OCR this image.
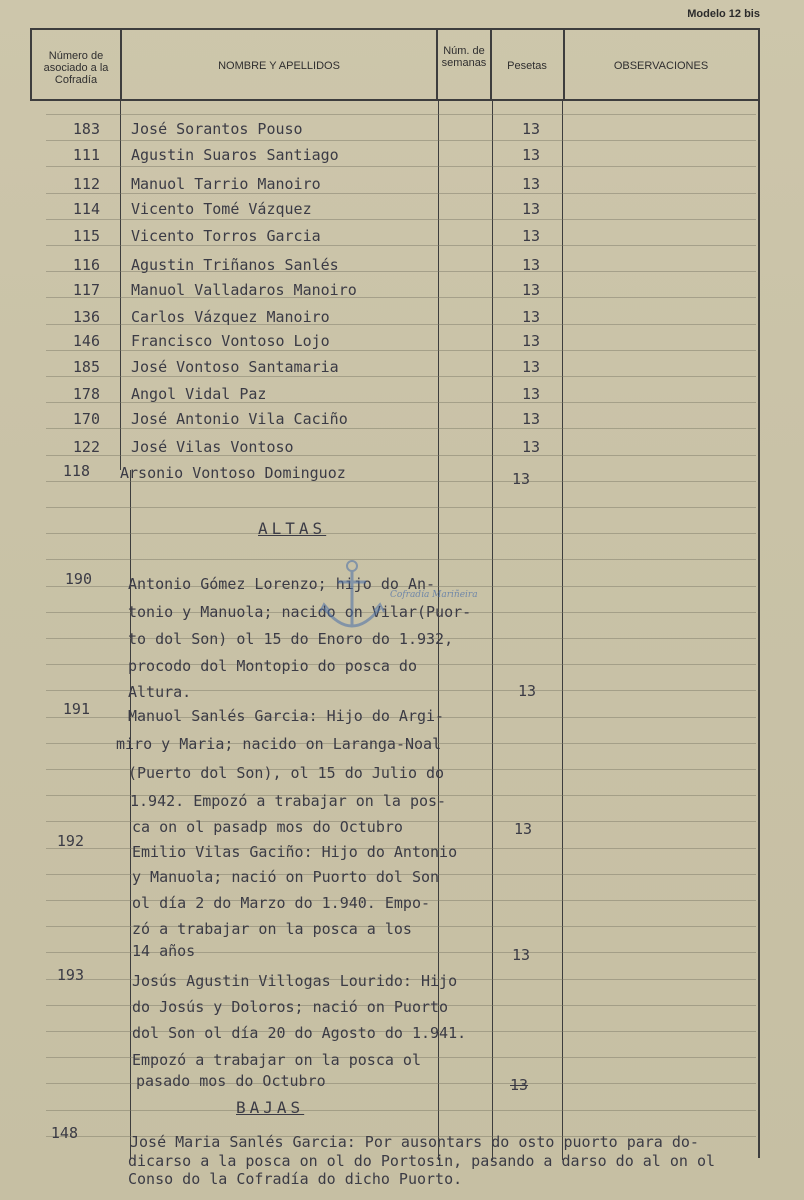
Modelo 12 bis
Número de asociado a la Cofradía
NOMBRE Y APELLIDOS
Núm. de semanas	Pesetas	OBSERVACIONES
183 José Sorantos Pouso	13
111 Agustin Suaros Santiago	13
112 Manuol Tarrio Manoiro	13
114 Vicento Tomé Vázquez	13
115 Vicento Torros Garcia	13
116 Agustin Triñanos Sanlés	13
117 Manuol Valladaros Manoiro	13
136 Carlos Vázquez Manoiro	13
146 Francisco Vontoso Lojo	13
185 José Vontoso Santamaria	13
178 Angol Vidal Paz	13
170 José Antonio Vila Caciño	13
122 José Vilas Vontoso	13
118 Arsonio Vontoso Dominguoz	13
ALTAS
190 Antonio Gómez Lorenzo; hijo do An-
tonio y Manuola; nacido on Vilar(Puor-
to dol Son) ol 15 do Enoro do 1.932,
procodo dol Montopio do posca do
Altura.	13
191	Manuol Sanlés Garcia: Hijo do Argi-
miro y Maria; nacido on Laranga-Noal
(Puerto dol Son), ol 15 do Julio do
1.942. Empozó a trabajar on la pos-
ca on ol pasadp mos do Octubro	13
192
Emilio Vilas Gaciño: Hijo do Antonio
y Manuola; nació on Puorto dol Son
ol día 2 do Marzo do 1.940. Empo-
zó a trabajar on la posca a los
14 años	13
193	Josús Agustin Villogas Lourido: Hijo
do Josús y Doloros; nació on Puorto
dol Son ol día 20 do Agosto do 1.941.
Empozó a trabajar on la posca ol
pasado mos do Octubro	13
BAJAS
148	José Maria Sanlés Garcia: Por ausontars do osto puorto para do-
dicarso a la posca on ol do Portosin, pasando a darso do al on ol
Conso do la Cofradía do dicho Puorto.
Cofradía Mariñeira
